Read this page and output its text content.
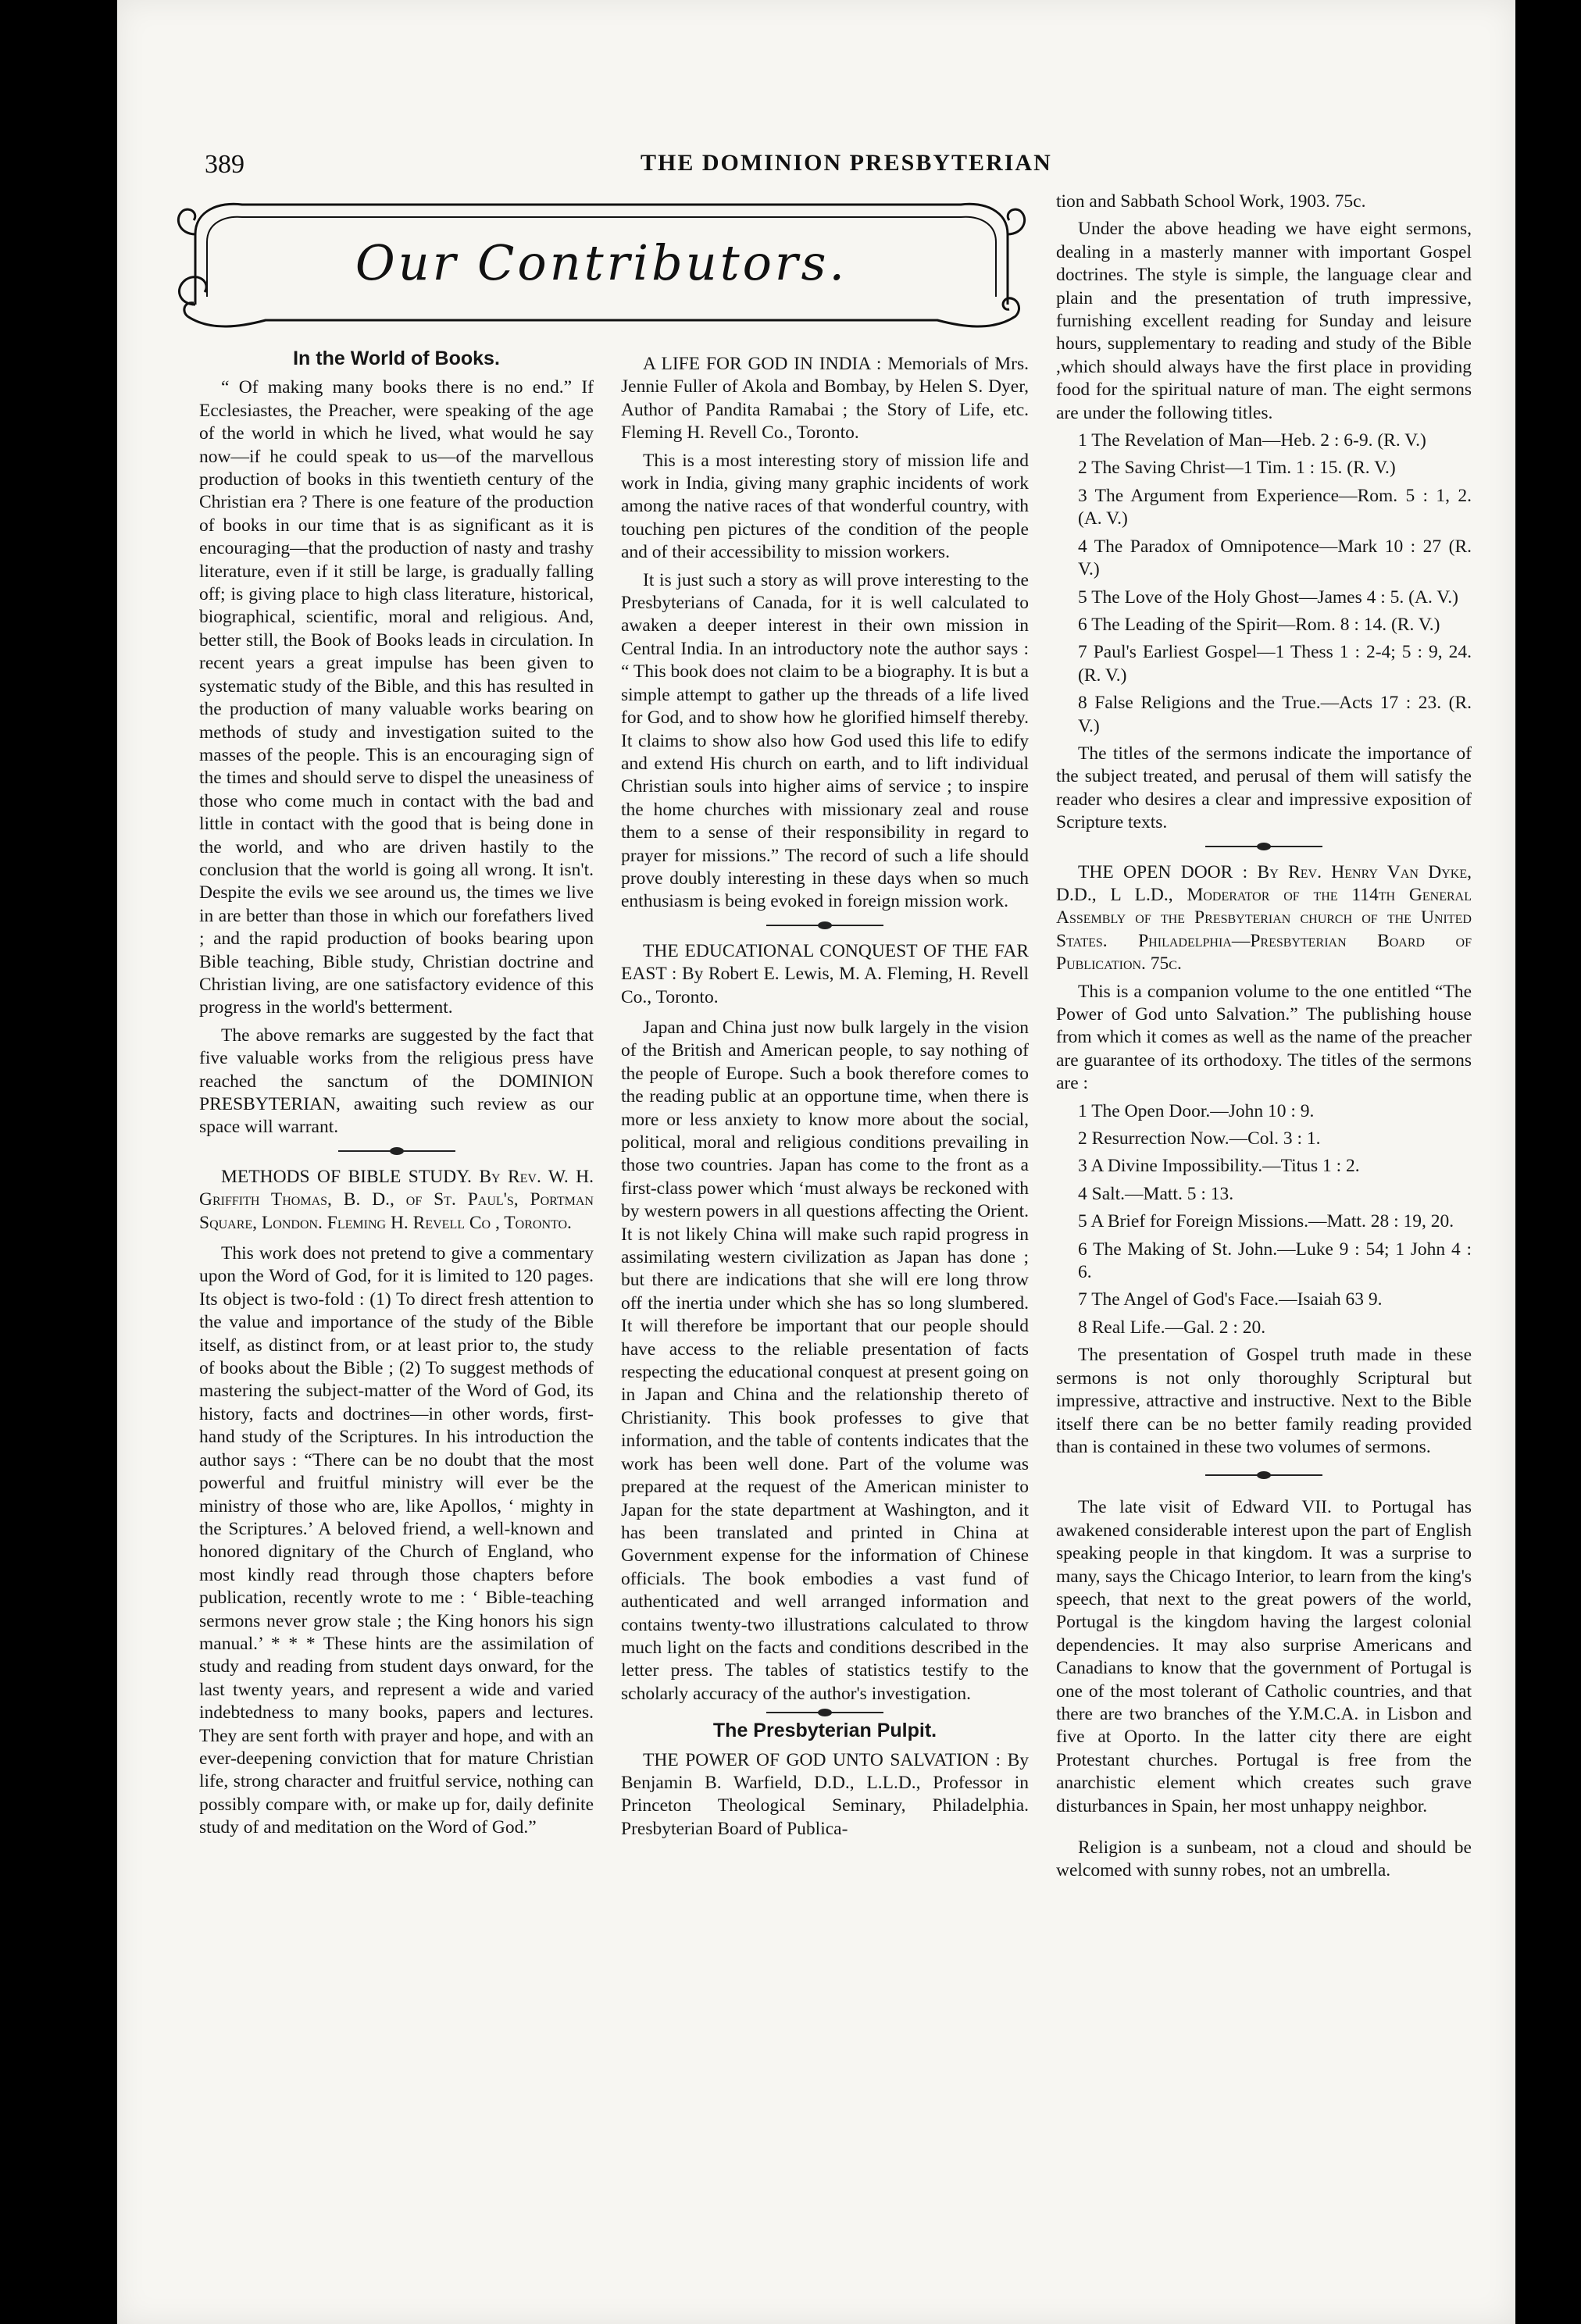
389	THE DOMINION PRESBYTERIAN
Our Contributors.
In the World of Books.

“ Of making many books there is no end.” If Ecclesiastes, the Preacher, were speaking of the age of the world in which he lived, what would he say now—if he could speak to us—of the marvellous production of books in this twentieth century of the Christian era ? There is one feature of the production of books in our time that is as significant as it is encouraging—that the production of nasty and trashy literature, even if it still be large, is gradually falling off; is giving place to high class literature, historical, biographical, scientific, moral and religious. And, better still, the Book of Books leads in circulation. In recent years a great impulse has been given to systematic study of the Bible, and this has resulted in the production of many valuable works bearing on methods of study and investigation suited to the masses of the people. This is an encouraging sign of the times and should serve to dispel the uneasiness of those who come much in contact with the bad and little in contact with the good that is being done in the world, and who are driven hastily to the conclusion that the world is going all wrong. It isn't. Despite the evils we see around us, the times we live in are better than those in which our forefathers lived ; and the rapid production of books bearing upon Bible teaching, Bible study, Christian doctrine and Christian living, are one satisfactory evidence of this progress in the world's betterment.

The above remarks are suggested by the fact that five valuable works from the religious press have reached the sanctum of the DOMINION PRESBYTERIAN, awaiting such review as our space will warrant.

METHODS OF BIBLE STUDY. By Rev. W. H. Griffith Thomas, B. D., of St. Paul's, Portman Square, London. Fleming H. Revell Co , Toronto.

This work does not pretend to give a commentary upon the Word of God, for it is limited to 120 pages. Its object is two-fold : (1) To direct fresh attention to the value and importance of the study of the Bible itself, as distinct from, or at least prior to, the study of books about the Bible ; (2) To suggest methods of mastering the subject-matter of the Word of God, its history, facts and doctrines—in other words, first-hand study of the Scriptures. In his introduction the author says : “There can be no doubt that the most powerful and fruitful ministry will ever be the ministry of those who are, like Apollos, ‘ mighty in the Scriptures.’ A beloved friend, a well-known and honored dignitary of the Church of England, who most kindly read through those chapters before publication, recently wrote to me : ‘ Bible-teaching sermons never grow stale ; the King honors his sign manual.’ * * * These hints are the assimilation of study and reading from student days onward, for the last twenty years, and represent a wide and varied indebtedness to many books, papers and lectures. They are sent forth with prayer and hope, and with an ever-deepening conviction that for mature Christian life, strong character and fruitful service, nothing can possibly compare with, or make up for, daily definite study of and meditation on the Word of God.”

A LIFE FOR GOD IN INDIA : Memorials of Mrs. Jennie Fuller of Akola and Bombay, by Helen S. Dyer, Author of Pandita Ramabai ; the Story of Life, etc. Fleming H. Revell Co., Toronto.

This is a most interesting story of mission life and work in India, giving many graphic incidents of work among the native races of that wonderful country, with touching pen pictures of the condition of the people and of their accessibility to mission workers.

It is just such a story as will prove interesting to the Presbyterians of Canada, for it is well calculated to awaken a deeper interest in their own mission in Central India. In an introductory note the author says : “ This book does not claim to be a biography. It is but a simple attempt to gather up the threads of a life lived for God, and to show how he glorified himself thereby. It claims to show also how God used this life to edify and extend His church on earth, and to lift individual Christian souls into higher aims of service ; to inspire the home churches with missionary zeal and rouse them to a sense of their responsibility in regard to prayer for missions.” The record of such a life should prove doubly interesting in these days when so much enthusiasm is being evoked in foreign mission work.

THE EDUCATIONAL CONQUEST OF THE FAR EAST : By Robert E. Lewis, M. A. Fleming, H. Revell Co., Toronto.

Japan and China just now bulk largely in the vision of the British and American people, to say nothing of the people of Europe. Such a book therefore comes to the reading public at an opportune time, when there is more or less anxiety to know more about the social, political, moral and religious conditions prevailing in those two countries. Japan has come to the front as a first-class power which ‘must always be reckoned with by western powers in all questions affecting the Orient. It is not likely China will make such rapid progress in assimilating western civilization as Japan has done ; but there are indications that she will ere long throw off the inertia under which she has so long slumbered. It will therefore be important that our people should have access to the reliable presentation of facts respecting the educational conquest at present going on in Japan and China and the relationship thereto of Christianity. This book professes to give that information, and the table of contents indicates that the work has been well done. Part of the volume was prepared at the request of the American minister to Japan for the state department at Washington, and it has been translated and printed in China at Government expense for the information of Chinese officials. The book embodies a vast fund of authenticated and well arranged information and contains twenty-two illustrations calculated to throw much light on the facts and conditions described in the letter press. The tables of statistics testify to the scholarly accuracy of the author's investigation.

The Presbyterian Pulpit.

THE POWER OF GOD UNTO SALVATION : By Benjamin B. Warfield, D.D., L.L.D., Professor in Princeton Theological Seminary, Philadelphia. Presbyterian Board of Publica-

tion and Sabbath School Work, 1903. 75c.

Under the above heading we have eight sermons, dealing in a masterly manner with important Gospel doctrines. The style is simple, the language clear and plain and the presentation of truth impressive, furnishing excellent reading for Sunday and leisure hours, supplementary to reading and study of the Bible ,which should always have the first place in providing food for the spiritual nature of man. The eight sermons are under the following titles.

1 The Revelation of Man—Heb. 2 : 6-9. (R. V.)

2 The Saving Christ—1 Tim. 1 : 15. (R. V.)

3 The Argument from Experience—Rom. 5 : 1, 2. (A. V.)

4 The Paradox of Omnipotence—Mark 10 : 27 (R. V.)

5 The Love of the Holy Ghost—James 4 : 5. (A. V.)

6 The Leading of the Spirit—Rom. 8 : 14. (R. V.)

7 Paul's Earliest Gospel—1 Thess 1 : 2-4; 5 : 9, 24. (R. V.)

8 False Religions and the True.—Acts 17 : 23. (R. V.)

The titles of the sermons indicate the importance of the subject treated, and perusal of them will satisfy the reader who desires a clear and impressive exposition of Scripture texts.

THE OPEN DOOR : By Rev. Henry Van Dyke, D.D., L L.D., Moderator of the 114th General Assembly of the Presbyterian church of the United States. Philadelphia—Presbyterian Board of Publication. 75c.

This is a companion volume to the one entitled “The Power of God unto Salvation.” The publishing house from which it comes as well as the name of the preacher are guarantee of its orthodoxy. The titles of the sermons are :

1 The Open Door.—John 10 : 9.

2 Resurrection Now.—Col. 3 : 1.

3 A Divine Impossibility.—Titus 1 : 2.

4 Salt.—Matt. 5 : 13.

5 A Brief for Foreign Missions.—Matt. 28 : 19, 20.

6 The Making of St. John.—Luke 9 : 54; 1 John 4 : 6.

7 The Angel of God's Face.—Isaiah 63 9.

8 Real Life.—Gal. 2 : 20.

The presentation of Gospel truth made in these sermons is not only thoroughly Scriptural but impressive, attractive and instructive. Next to the Bible itself there can be no better family reading provided than is contained in these two volumes of sermons.

The late visit of Edward VII. to Portugal has awakened considerable interest upon the part of English speaking people in that kingdom. It was a surprise to many, says the Chicago Interior, to learn from the king's speech, that next to the great powers of the world, Portugal is the kingdom having the largest colonial dependencies. It may also surprise Americans and Canadians to know that the government of Portugal is one of the most tolerant of Catholic countries, and that there are two branches of the Y.M.C.A. in Lisbon and five at Oporto. In the latter city there are eight Protestant churches. Portugal is free from the anarchistic element which creates such grave disturbances in Spain, her most unhappy neighbor.

Religion is a sunbeam, not a cloud and should be welcomed with sunny robes, not an umbrella.
